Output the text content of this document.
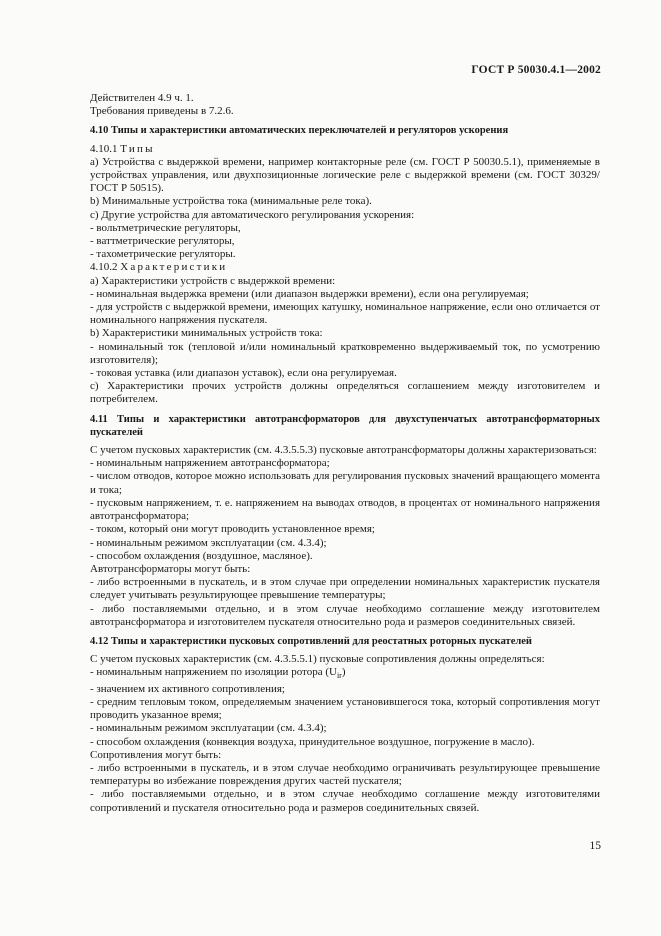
ГОСТ Р 50030.4.1—2002

Действителен 4.9 ч. 1.

Требования приведены в 7.2.6.

4.10 Типы и характеристики автоматических переключателей и регуляторов ускорения

4.10.1 Типы

а) Устройства с выдержкой времени, например контакторные реле (см. ГОСТ Р 50030.5.1), применяемые в устройствах управления, или двухпозиционные логические реле с выдержкой времени (см. ГОСТ 30329/ГОСТ Р 50515).

b) Минимальные устройства тока (минимальные реле тока).

с) Другие устройства для автоматического регулирования ускорения:

- вольтметрические регуляторы,

- ваттметрические регуляторы,

- тахометрические регуляторы.

4.10.2 Характеристики

а) Характеристики устройств с выдержкой времени:

- номинальная выдержка времени (или диапазон выдержки времени), если она регулируемая;

- для устройств с выдержкой времени, имеющих катушку, номинальное напряжение, если оно отличается от номинального напряжения пускателя.

b) Характеристики минимальных устройств тока:

- номинальный ток (тепловой и/или номинальный кратковременно выдерживаемый ток, по усмотрению изготовителя);

- токовая уставка (или диапазон уставок), если она регулируемая.

с) Характеристики прочих устройств должны определяться соглашением между изготовителем и потребителем.

4.11 Типы и характеристики автотрансформаторов для двухступенчатых автотрансформаторных пускателей

С учетом пусковых характеристик (см. 4.3.5.5.3) пусковые автотрансформаторы должны характеризоваться:

- номинальным напряжением автотрансформатора;

- числом отводов, которое можно использовать для регулирования пусковых значений вращающего момента и тока;

- пусковым напряжением, т. е. напряжением на выводах отводов, в процентах от номинального напряжения автотрансформатора;

- током, который они могут проводить установленное время;

- номинальным режимом эксплуатации (см. 4.3.4);

- способом охлаждения (воздушное, масляное).

Автотрансформаторы могут быть:

- либо встроенными в пускатель, и в этом случае при определении номинальных характеристик пускателя следует учитывать результирующее превышение температуры;

- либо поставляемыми отдельно, и в этом случае необходимо соглашение между изготовителем автотрансформатора и изготовителем пускателя относительно рода и размеров соединительных связей.

4.12 Типы и характеристики пусковых сопротивлений для реостатных роторных пускателей

С учетом пусковых характеристик (см. 4.3.5.5.1) пусковые сопротивления должны определяться:

- номинальным напряжением по изоляции ротора $(U_{ir})$

- значением их активного сопротивления;

- средним тепловым током, определяемым значением установившегося тока, который сопротивления могут проводить указанное время;

- номинальным режимом эксплуатации (см. 4.3.4);

- способом охлаждения (конвекция воздуха, принудительное воздушное, погружение в масло).

Сопротивления могут быть:

- либо встроенными в пускатель, и в этом случае необходимо ограничивать результирующее превышение температуры во избежание повреждения других частей пускателя;

- либо поставляемыми отдельно, и в этом случае необходимо соглашение между изготовителями сопротивлений и пускателя относительно рода и размеров соединительных связей.

15
